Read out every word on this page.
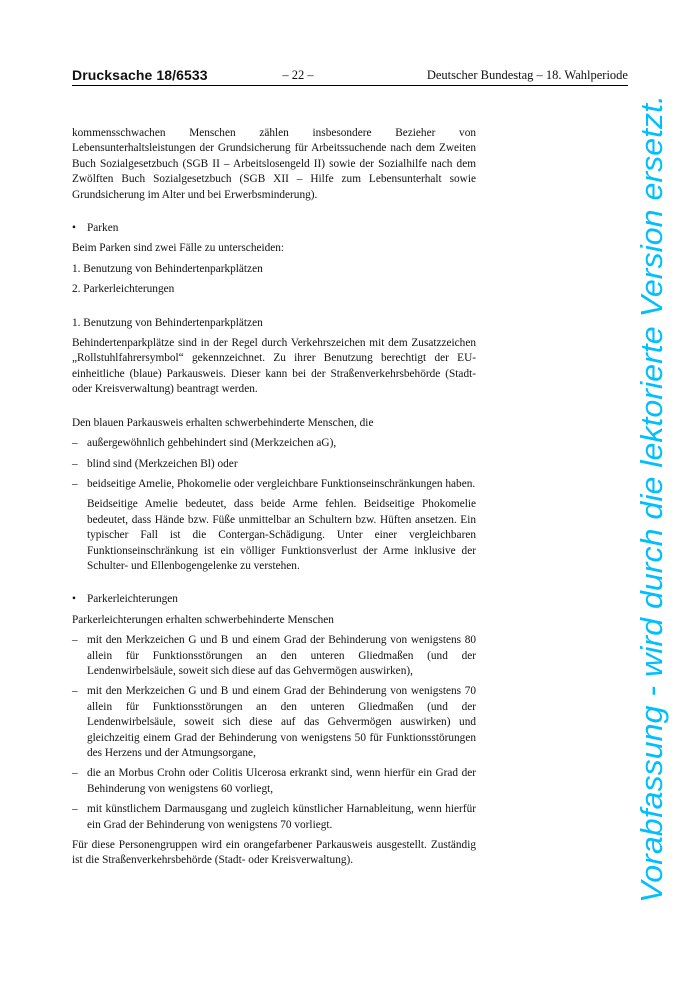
Drucksache 18/6533	– 22 –	Deutscher Bundestag – 18. Wahlperiode

kommensschwachen Menschen zählen insbesondere Bezieher von Lebensunterhaltsleistungen der Grundsicherung für Arbeitssuchende nach dem Zweiten Buch Sozialgesetzbuch (SGB II – Arbeitslosengeld II) sowie der Sozialhilfe nach dem Zwölften Buch Sozialgesetzbuch (SGB XII – Hilfe zum Lebensunterhalt sowie Grundsicherung im Alter und bei Erwerbsminderung).

• Parken

Beim Parken sind zwei Fälle zu unterscheiden:

1. Benutzung von Behindertenparkplätzen

2. Parkerleichterungen

1. Benutzung von Behindertenparkplätzen

Behindertenparkplätze sind in der Regel durch Verkehrszeichen mit dem Zusatzzeichen „Rollstuhlfahrersymbol“ gekennzeichnet. Zu ihrer Benutzung berechtigt der EU-einheitliche (blaue) Parkausweis. Dieser kann bei der Straßenverkehrsbehörde (Stadt- oder Kreisverwaltung) beantragt werden.

Den blauen Parkausweis erhalten schwerbehinderte Menschen, die

– außergewöhnlich gehbehindert sind (Merkzeichen aG),

– blind sind (Merkzeichen Bl) oder

– beidseitige Amelie, Phokomelie oder vergleichbare Funktionseinschränkungen haben.

Beidseitige Amelie bedeutet, dass beide Arme fehlen. Beidseitige Phokomelie bedeutet, dass Hände bzw. Füße unmittelbar an Schultern bzw. Hüften ansetzen. Ein typischer Fall ist die Contergan-Schädigung. Unter einer vergleichbaren Funktionseinschränkung ist ein völliger Funktionsverlust der Arme inklusive der Schulter- und Ellenbogengelenke zu verstehen.

• Parkerleichterungen

Parkerleichterungen erhalten schwerbehinderte Menschen

– mit den Merkzeichen G und B und einem Grad der Behinderung von wenigstens 80 allein für Funktionsstörungen an den unteren Gliedmaßen (und der Lendenwirbelsäule, soweit sich diese auf das Gehvermögen auswirken),

– mit den Merkzeichen G und B und einem Grad der Behinderung von wenigstens 70 allein für Funktionsstörungen an den unteren Gliedmaßen (und der Lendenwirbelsäule, soweit sich diese auf das Gehvermögen auswirken) und gleichzeitig einem Grad der Behinderung von wenigstens 50 für Funktionsstörungen des Herzens und der Atmungsorgane,

– die an Morbus Crohn oder Colitis Ulcerosa erkrankt sind, wenn hierfür ein Grad der Behinderung von wenigstens 60 vorliegt,

– mit künstlichem Darmausgang und zugleich künstlicher Harnableitung, wenn hierfür ein Grad der Behinderung von wenigstens 70 vorliegt.

Für diese Personengruppen wird ein orangefarbener Parkausweis ausgestellt. Zuständig ist die Straßenverkehrsbehörde (Stadt- oder Kreisverwaltung).	Vorabfassung - wird durch die lektorierte Version ersetzt.
